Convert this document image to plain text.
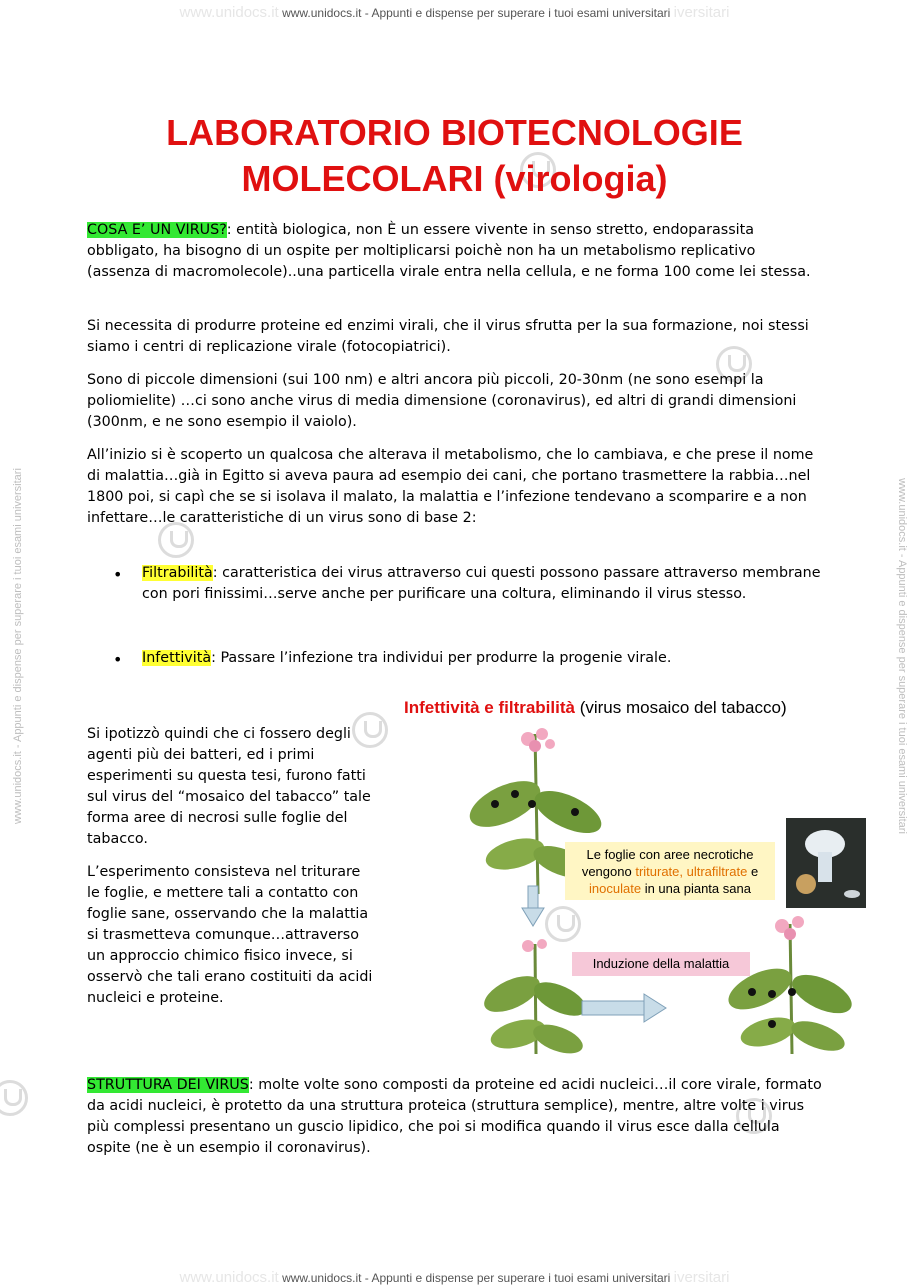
www.unidocs.it www.unidocs.it - Appunti e dispense per superare i tuoi esami universitari iversitari
www.unidocs.it - Appunti e dispense per superare i tuoi esami universitari	www.unidocs.it - Appunti e dispense per superare i tuoi esami universitari
LABORATORIO BIOTECNOLOGIE
MOLECOLARI (virologia)
COSA E’ UN VIRUS?: entità biologica, non È un essere vivente in senso stretto, endoparassita obbligato, ha bisogno di un ospite per moltiplicarsi poichè non ha un metabolismo replicativo (assenza di macromolecole)..una particella virale entra nella cellula, e ne forma 100 come lei stessa.
Si necessita di produrre proteine ed enzimi virali, che il virus sfrutta per la sua formazione, noi stessi siamo i centri di replicazione virale (fotocopiatrici).
Sono di piccole dimensioni (sui 100 nm) e altri ancora più piccoli, 20-30nm (ne sono esempi la poliomielite) …ci sono anche virus di media dimensione (coronavirus), ed altri di grandi dimensioni (300nm, e ne sono esempio il vaiolo).
All’inizio si è scoperto un qualcosa che alterava il metabolismo, che lo cambiava, e che prese il nome di malattia…già in Egitto si aveva paura ad esempio dei cani, che portano trasmettere la rabbia…nel 1800 poi, si capì che se si isolava il malato, la malattia e l’infezione tendevano a scomparire e a non infettare…le caratteristiche di un virus sono di base 2:
• Filtrabilità: caratteristica dei virus attraverso cui questi possono passare attraverso membrane con pori finissimi…serve anche per purificare una coltura, eliminando il virus stesso.
• Infettività: Passare l’infezione tra individui per produrre la progenie virale.
Si ipotizzò quindi che ci fossero degli agenti più dei batteri, ed i primi esperimenti su questa tesi, furono fatti sul virus del “mosaico del tabacco” tale forma aree di necrosi sulle foglie del tabacco.
L’esperimento consisteva nel triturare le foglie, e mettere tali a contatto con foglie sane, osservando che la malattia si trasmetteva comunque…attraverso un approccio chimico fisico invece, si osservò che tali erano costituiti da acidi nucleici e proteine.
Infettività e filtrabilità (virus mosaico del tabacco)
Le foglie con aree necrotiche
vengono triturate, ultrafiltrate e
inoculate in una pianta sana
Induzione della malattia
STRUTTURA DEI VIRUS: molte volte sono composti da proteine ed acidi nucleici…il core virale, formato da acidi nucleici, è protetto da una struttura proteica (struttura semplice), mentre, altre volte i virus più complessi presentano un guscio lipidico, che poi si modifica quando il virus esce dalla cellula ospite (ne è un esempio il coronavirus).
www.unidocs.it www.unidocs.it - Appunti e dispense per superare i tuoi esami universitari iversitari
